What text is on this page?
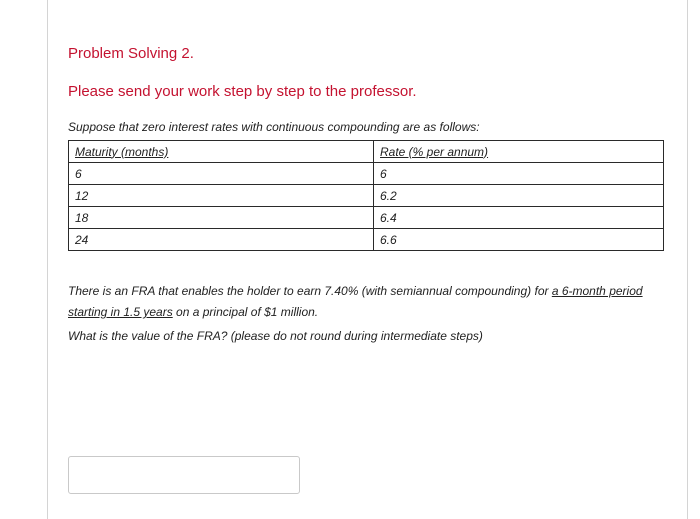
Problem Solving 2.

Please send your work step by step to the professor.

Suppose that zero interest rates with continuous compounding are as follows:

Maturity (months)	Rate (% per annum)
6	6
12	6.2
18	6.4
24	6.6

There is an FRA that enables the holder to earn 7.40% (with semiannual compounding) for a 6-month period starting in 1.5 years on a principal of $1 million.

What is the value of the FRA? (please do not round during intermediate steps)
